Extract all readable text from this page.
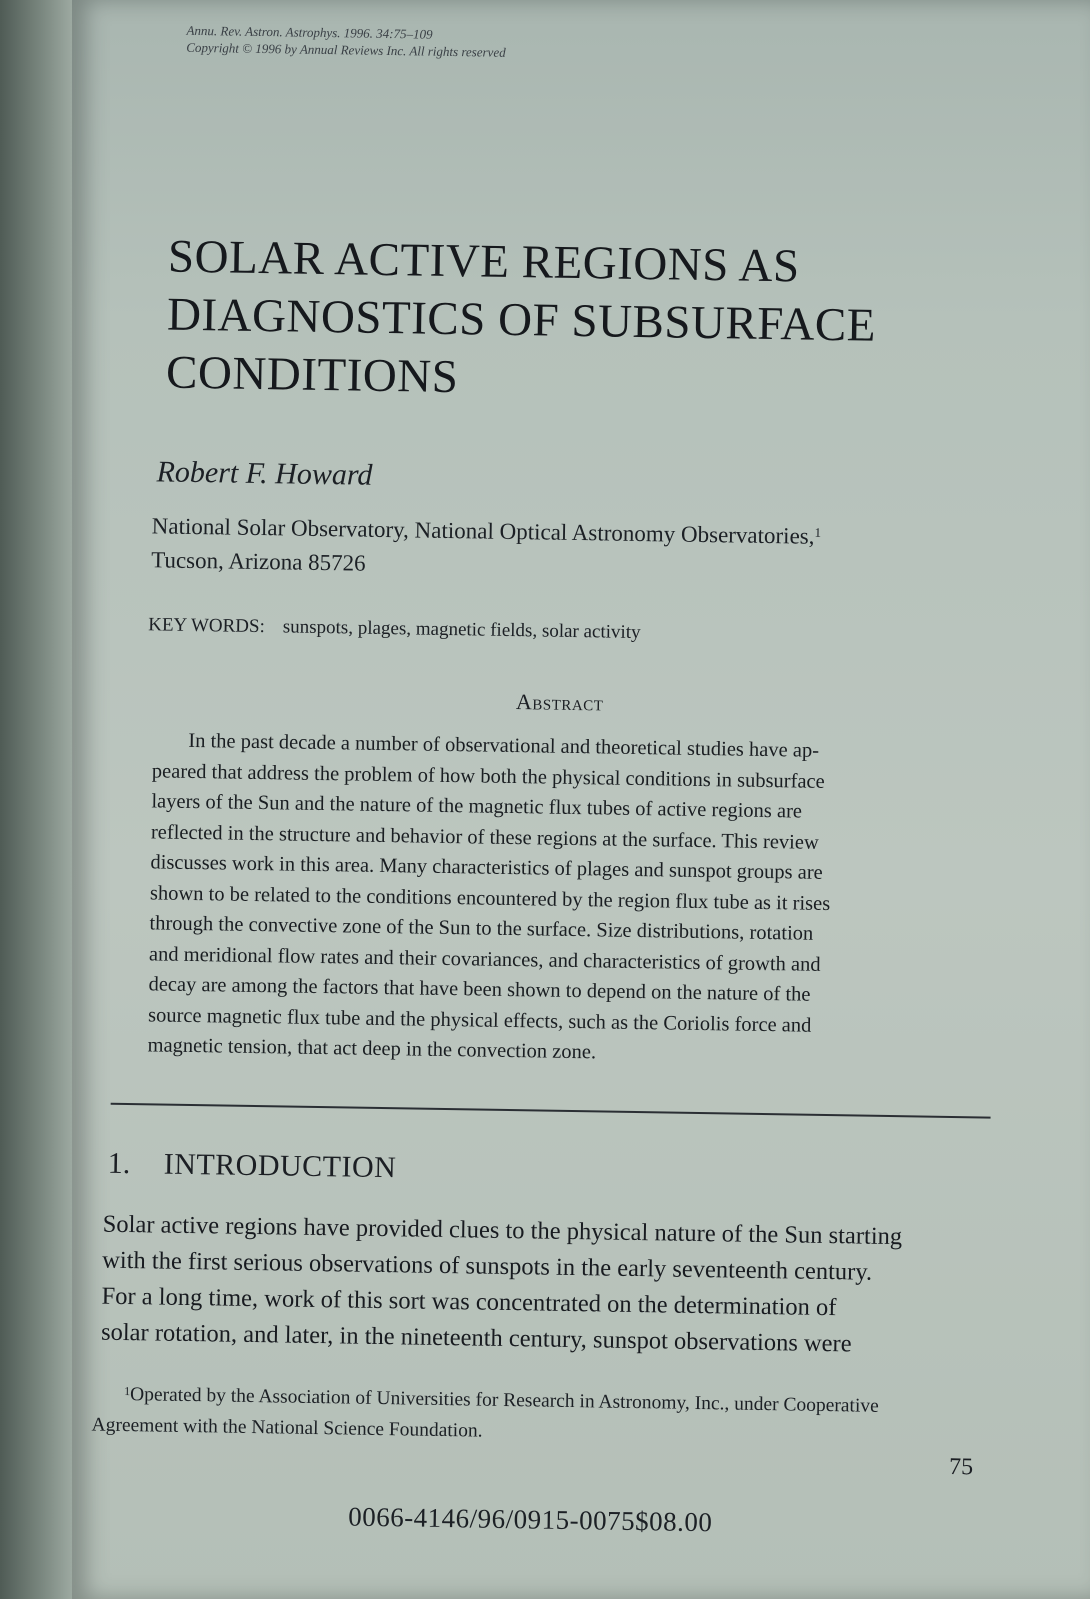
Annu. Rev. Astron. Astrophys. 1996. 34:75–109
Copyright © 1996 by Annual Reviews Inc. All rights reserved
SOLAR ACTIVE REGIONS AS
DIAGNOSTICS OF SUBSURFACE
CONDITIONS
Robert F. Howard
National Solar Observatory, National Optical Astronomy Observatories,$^1$
Tucson, Arizona 85726
KEY WORDS: sunspots, plages, magnetic fields, solar activity
Abstract
In the past decade a number of observational and theoretical studies have ap-
peared that address the problem of how both the physical conditions in subsurface
layers of the Sun and the nature of the magnetic flux tubes of active regions are
reflected in the structure and behavior of these regions at the surface. This review
discusses work in this area. Many characteristics of plages and sunspot groups are
shown to be related to the conditions encountered by the region flux tube as it rises
through the convective zone of the Sun to the surface. Size distributions, rotation
and meridional flow rates and their covariances, and characteristics of growth and
decay are among the factors that have been shown to depend on the nature of the
source magnetic flux tube and the physical effects, such as the Coriolis force and
magnetic tension, that act deep in the convection zone.
1. INTRODUCTION
Solar active regions have provided clues to the physical nature of the Sun starting
with the first serious observations of sunspots in the early seventeenth century.
For a long time, work of this sort was concentrated on the determination of
solar rotation, and later, in the nineteenth century, sunspot observations were
$^1$Operated by the Association of Universities for Research in Astronomy, Inc., under Cooperative
Agreement with the National Science Foundation.
75
0066-4146/96/0915-0075$08.00
